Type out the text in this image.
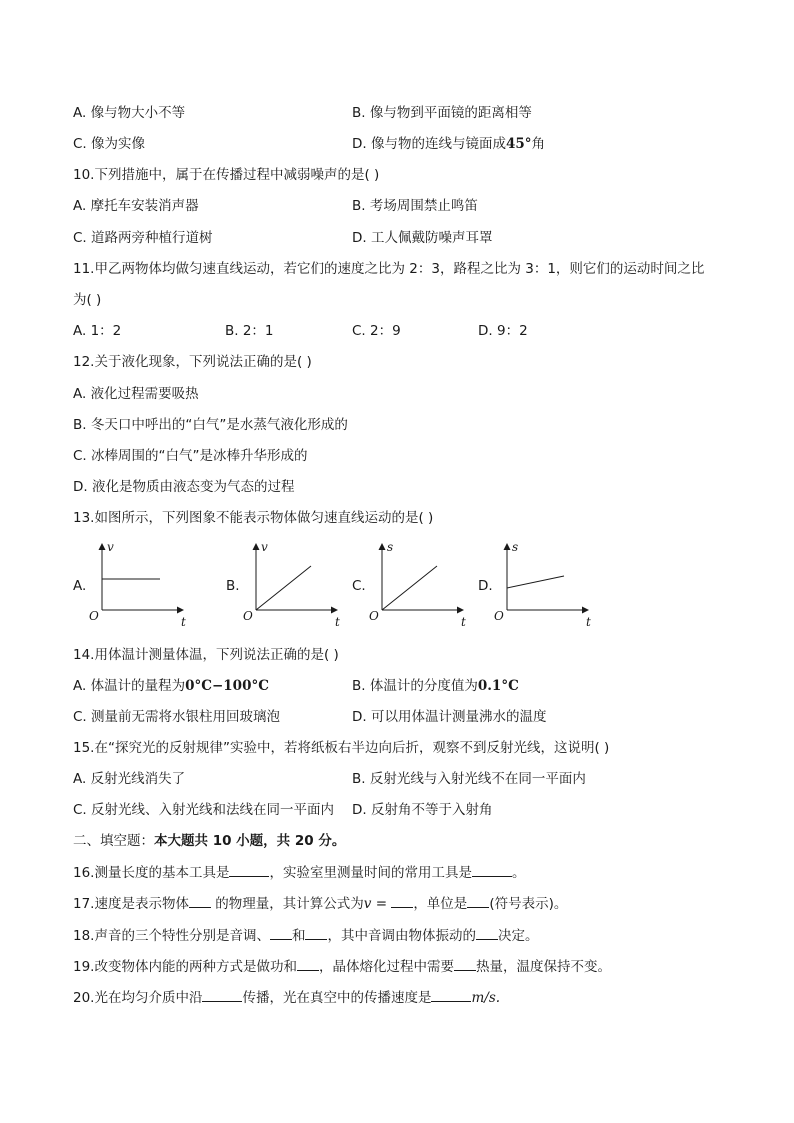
A. 像与物大小不等	B. 像与物到平面镜的距离相等
C. 像为实像	D. 像与物的连线与镜面成45°角
10.下列措施中，属于在传播过程中减弱噪声的是( )
A. 摩托车安装消声器	B. 考场周围禁止鸣笛
C. 道路两旁种植行道树	D. 工人佩戴防噪声耳罩
11.甲乙两物体均做匀速直线运动，若它们的速度之比为 2：3，路程之比为 3：1，则它们的运动时间之比
为( )
A. 1：2	B. 2：1	C. 2：9	D. 9：2
12.关于液化现象，下列说法正确的是( )
A. 液化过程需要吸热
B. 冬天口中呼出的“白气”是水蒸气液化形成的
C. 冰棒周围的“白气”是冰棒升华形成的
D. 液化是物质由液态变为气态的过程
13.如图所示，下列图象不能表示物体做匀速直线运动的是( )
A.
v
t
O
B.
v
t
O
C.
s
t
O
D.
s
t
O
14.用体温计测量体温，下列说法正确的是( )
A. 体温计的量程为0°C−100°C	B. 体温计的分度值为0.1°C
C. 测量前无需将水银柱用回玻璃泡	D. 可以用体温计测量沸水的温度
15.在“探究光的反射规律”实验中，若将纸板右半边向后折，观察不到反射光线，这说明( )
A. 反射光线消失了	B. 反射光线与入射光线不在同一平面内
C. 反射光线、入射光线和法线在同一平面内 D. 反射角不等于入射角
二、填空题：本大题共 10 小题，共 20 分。
16.测量长度的基本工具是	，实验室里测量时间的常用工具是	。
17.速度是表示物体 的物理量，其计算公式为v = ，单位是 (符号表示)。
18.声音的三个特性分别是音调、 和 ，其中音调由物体振动的 决定。
19.改变物体内能的两种方式是做功和 ，晶体熔化过程中需要 热量，温度保持不变。
20.光在均匀介质中沿	传播，光在真空中的传播速度是	m/s.
